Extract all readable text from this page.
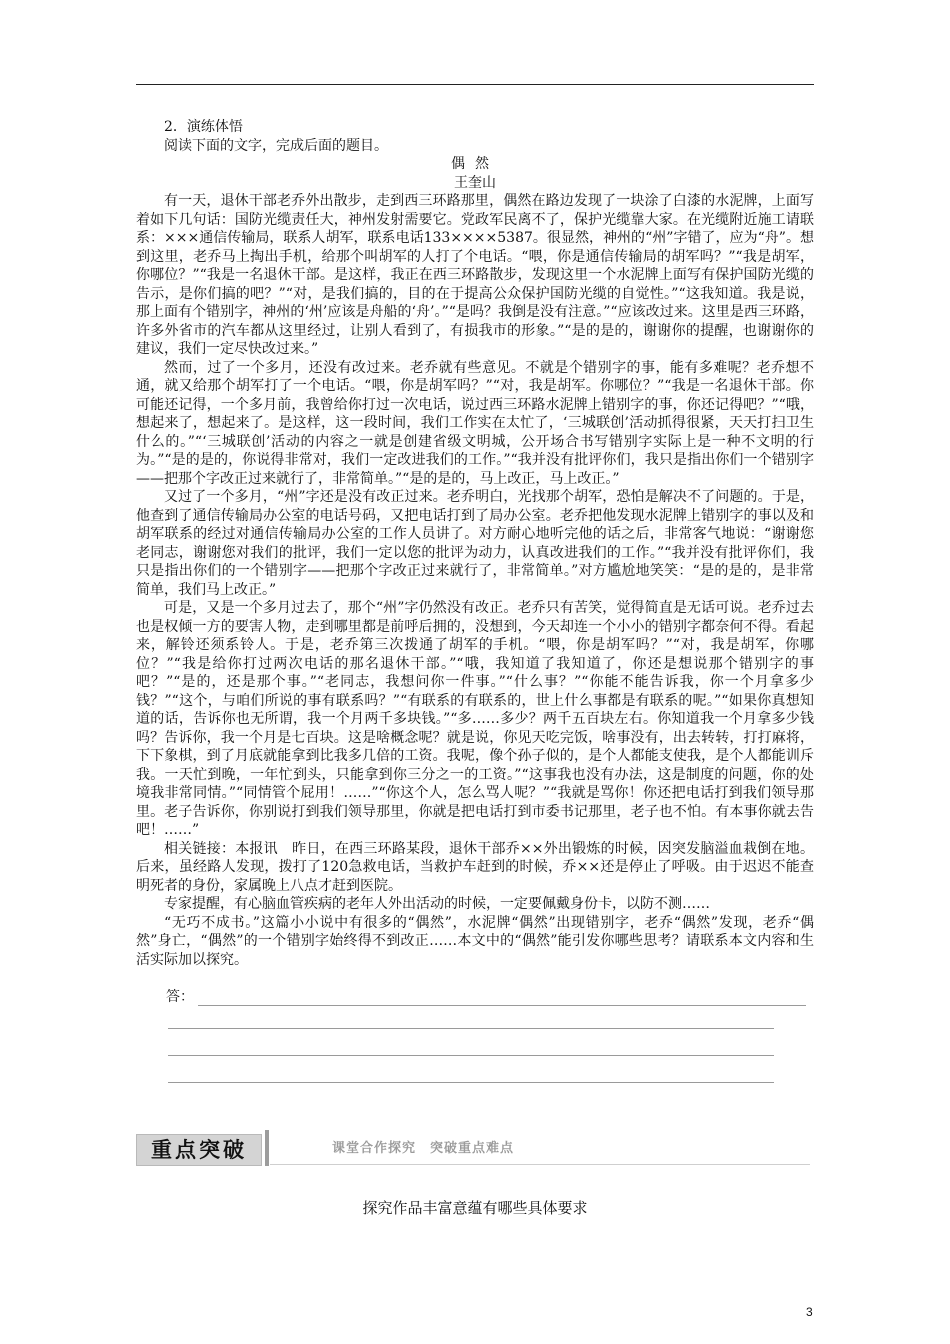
2．演练体悟

阅读下面的文字，完成后面的题目。

偶然

王奎山

有一天，退休干部老乔外出散步，走到西三环路那里，偶然在路边发现了一块涂了白漆的水泥牌，上面写着如下几句话：国防光缆责任大，神州发射需要它。党政军民离不了，保护光缆靠大家。在光缆附近施工请联系：×××通信传输局，联系人胡军，联系电话133××××5387。很显然，神州的“州”字错了，应为“舟”。想到这里，老乔马上掏出手机，给那个叫胡军的人打了个电话。“喂，你是通信传输局的胡军吗？”“我是胡军，你哪位？”“我是一名退休干部。是这样，我正在西三环路散步，发现这里一个水泥牌上面写有保护国防光缆的告示，是你们搞的吧？”“对，是我们搞的，目的在于提高公众保护国防光缆的自觉性。”“这我知道。我是说，那上面有个错别字，神州的‘州’应该是舟船的‘舟’。”“是吗？我倒是没有注意。”“应该改过来。这里是西三环路，许多外省市的汽车都从这里经过，让别人看到了，有损我市的形象。”“是的是的，谢谢你的提醒，也谢谢你的建议，我们一定尽快改过来。”

然而，过了一个多月，还没有改过来。老乔就有些意见。不就是个错别字的事，能有多难呢？老乔想不通，就又给那个胡军打了一个电话。“喂，你是胡军吗？”“对，我是胡军。你哪位？”“我是一名退休干部。你可能还记得，一个多月前，我曾给你打过一次电话，说过西三环路水泥牌上错别字的事，你还记得吧？”“哦，想起来了，想起来了。是这样，这一段时间，我们工作实在太忙了，‘三城联创’活动抓得很紧，天天打扫卫生什么的。”“‘三城联创’活动的内容之一就是创建省级文明城，公开场合书写错别字实际上是一种不文明的行为。”“是的是的，你说得非常对，我们一定改进我们的工作。”“我并没有批评你们，我只是指出你们一个错别字——把那个字改正过来就行了，非常简单。”“是的是的，马上改正，马上改正。”

又过了一个多月，“州”字还是没有改正过来。老乔明白，光找那个胡军，恐怕是解决不了问题的。于是，他查到了通信传输局办公室的电话号码，又把电话打到了局办公室。老乔把他发现水泥牌上错别字的事以及和胡军联系的经过对通信传输局办公室的工作人员讲了。对方耐心地听完他的话之后，非常客气地说：“谢谢您老同志，谢谢您对我们的批评，我们一定以您的批评为动力，认真改进我们的工作。”“我并没有批评你们，我只是指出你们的一个错别字——把那个字改正过来就行了，非常简单。”对方尴尬地笑笑：“是的是的，是非常简单，我们马上改正。”

可是，又是一个多月过去了，那个“州”字仍然没有改正。老乔只有苦笑，觉得简直是无话可说。老乔过去也是权倾一方的要害人物，走到哪里都是前呼后拥的，没想到，今天却连一个小小的错别字都奈何不得。看起来，解铃还须系铃人。于是，老乔第三次拨通了胡军的手机。“喂，你是胡军吗？”“对，我是胡军，你哪位？”“我是给你打过两次电话的那名退休干部。”“哦，我知道了我知道了，你还是想说那个错别字的事吧？”“是的，还是那个事。”“老同志，我想问你一件事。”“什么事？”“你能不能告诉我，你一个月拿多少钱？”“这个，与咱们所说的事有联系吗？”“有联系的有联系的，世上什么事都是有联系的呢。”“如果你真想知道的话，告诉你也无所谓，我一个月两千多块钱。”“多……多少？两千五百块左右。你知道我一个月拿多少钱吗？告诉你，我一个月是七百块。这是啥概念呢？就是说，你见天吃完饭，啥事没有，出去转转，打打麻将，下下象棋，到了月底就能拿到比我多几倍的工资。我呢，像个孙子似的，是个人都能支使我，是个人都能训斥我。一天忙到晚，一年忙到头，只能拿到你三分之一的工资。”“这事我也没有办法，这是制度的问题，你的处境我非常同情。”“同情管个屁用！……”“你这个人，怎么骂人呢？”“我就是骂你！你还把电话打到我们领导那里。老子告诉你，你别说打到我们领导那里，你就是把电话打到市委书记那里，老子也不怕。有本事你就去告吧！……”

相关链接：本报讯　昨日，在西三环路某段，退休干部乔××外出锻炼的时候，因突发脑溢血栽倒在地。后来，虽经路人发现，拨打了120急救电话，当救护车赶到的时候，乔××还是停止了呼吸。由于迟迟不能查明死者的身份，家属晚上八点才赶到医院。

专家提醒，有心脑血管疾病的老年人外出活动的时候，一定要佩戴身份卡，以防不测……

“无巧不成书。”这篇小小说中有很多的“偶然”，水泥牌“偶然”出现错别字，老乔“偶然”发现，老乔“偶然”身亡，“偶然”的一个错别字始终得不到改正……本文中的“偶然”能引发你哪些思考？请联系本文内容和生活实际加以探究。

答：
重点突破	课堂合作探究　突破重点难点
探究作品丰富意蕴有哪些具体要求
3
